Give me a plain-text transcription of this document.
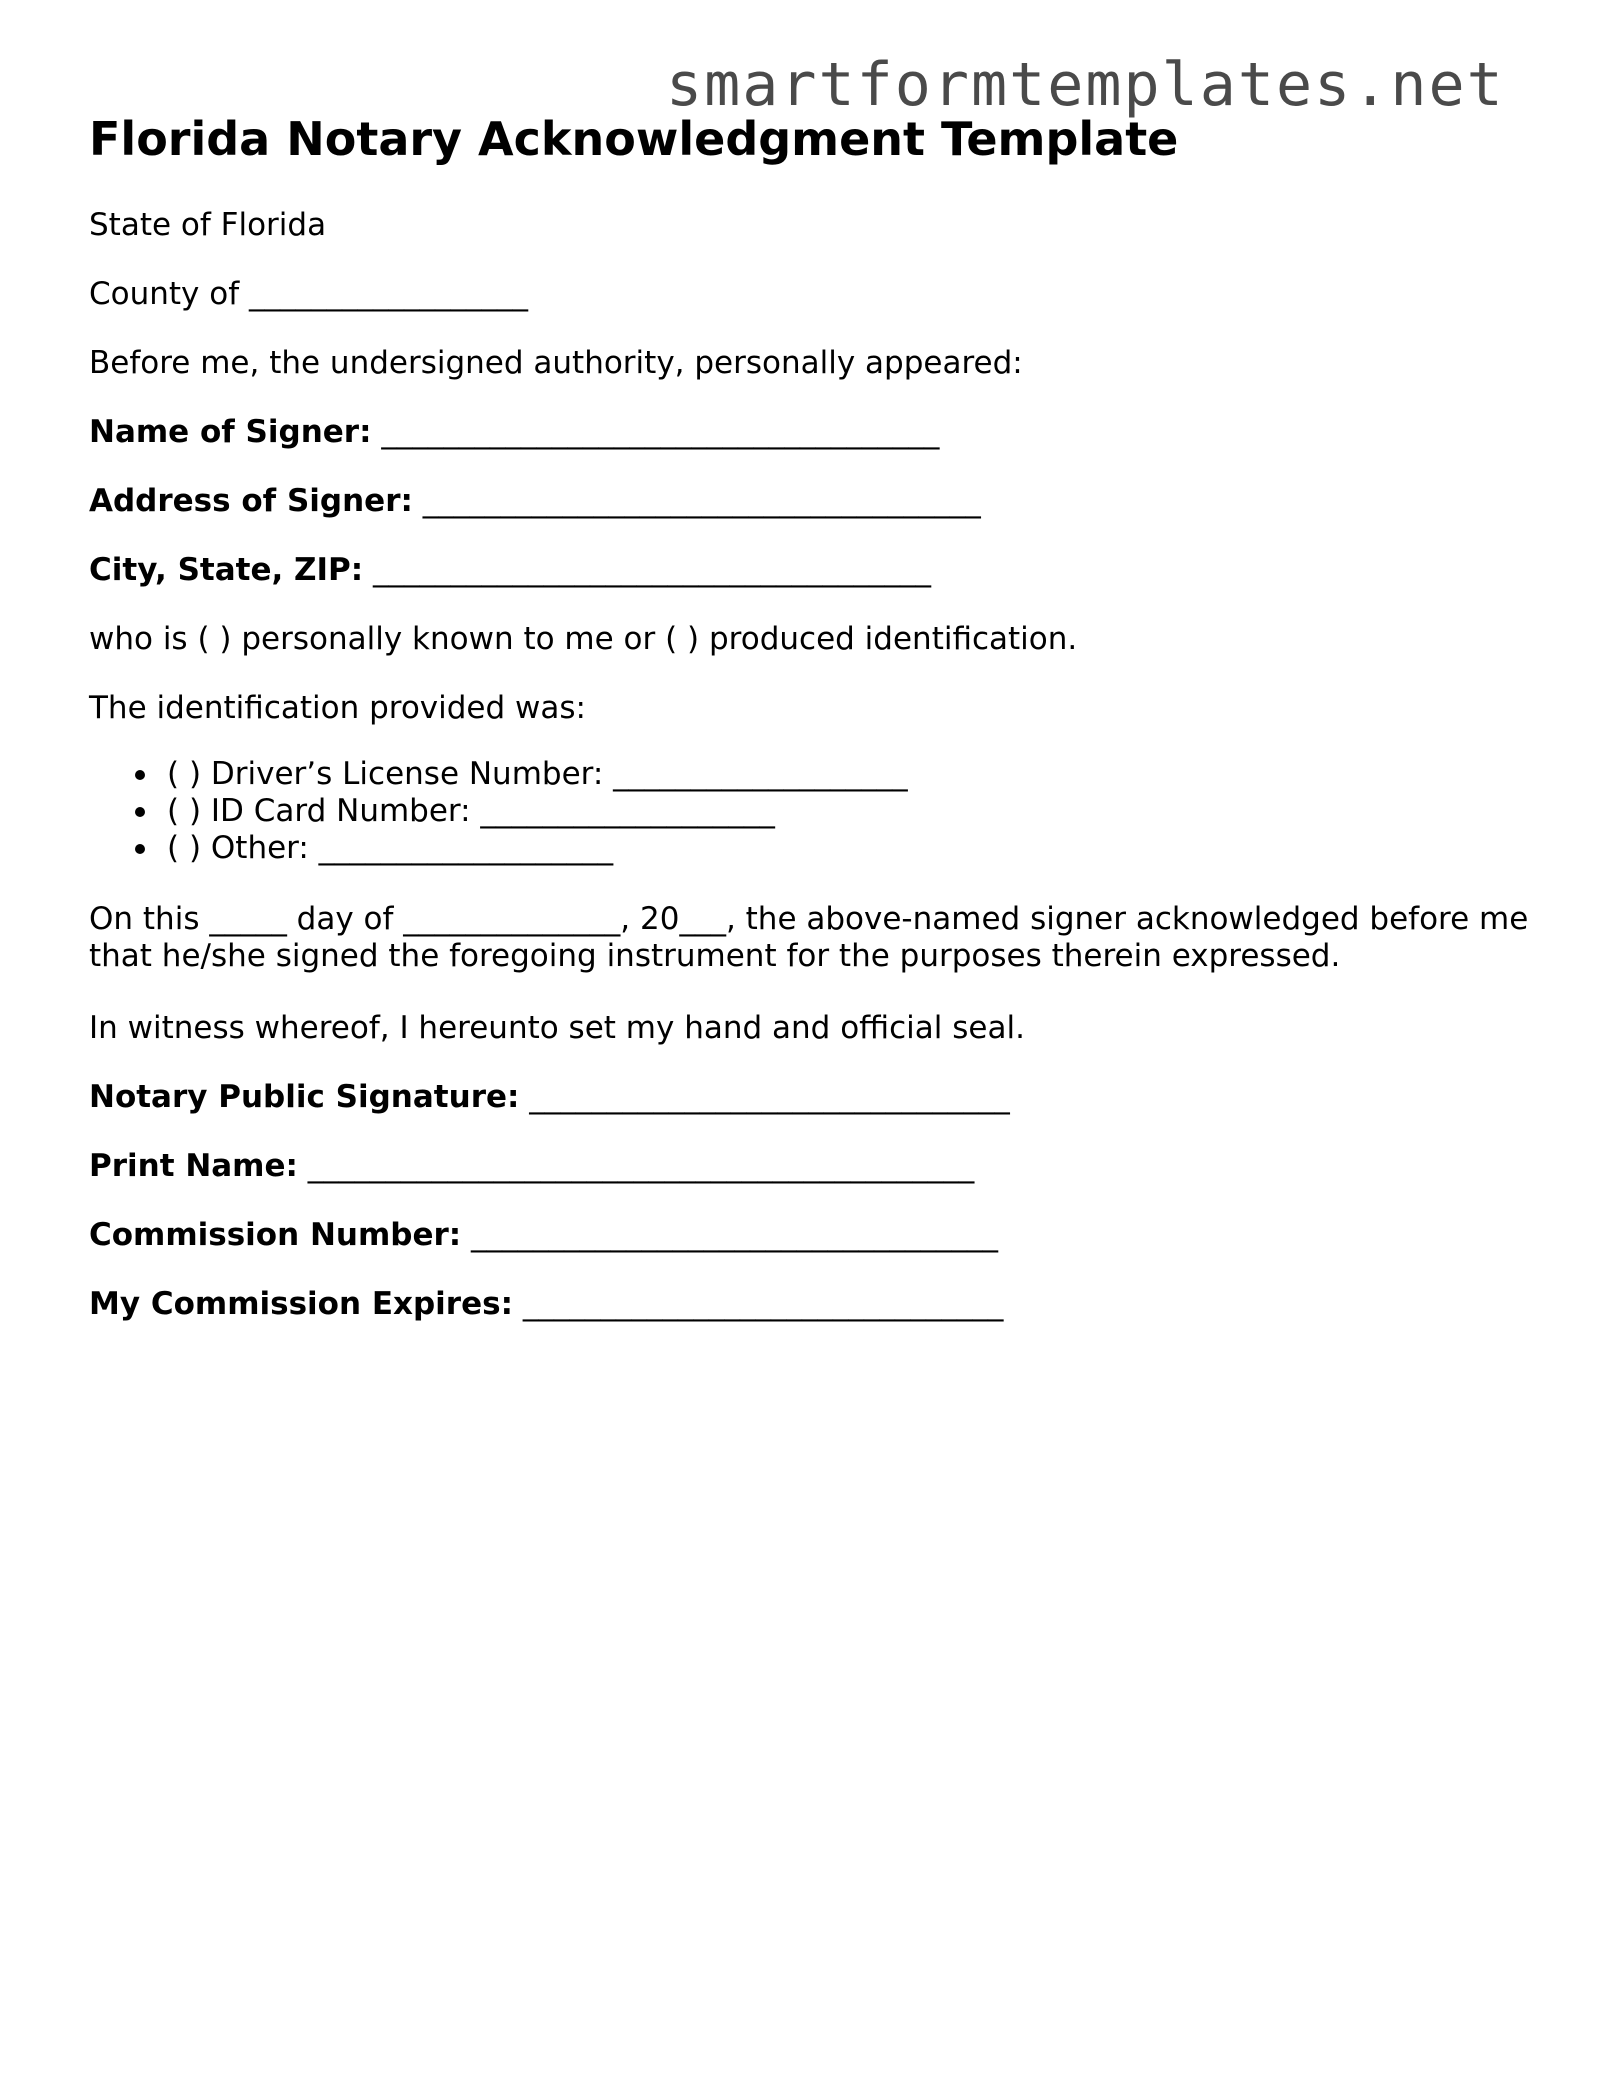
smartformtemplates.net
Florida Notary Acknowledgment Template

State of Florida

County of __________________

Before me, the undersigned authority, personally appeared:

Name of Signer: ____________________________________

Address of Signer: ____________________________________

City, State, ZIP: ____________________________________

who is ( ) personally known to me or ( ) produced identification.

The identification provided was:

( ) Driver’s License Number: ___________________
( ) ID Card Number: ___________________
( ) Other: ___________________

On this _____ day of ______________, 20___, the above-named signer acknowledged before me that he/she signed the foregoing instrument for the purposes therein expressed.

In witness whereof, I hereunto set my hand and official seal.

Notary Public Signature: _______________________________

Print Name: ___________________________________________

Commission Number: __________________________________

My Commission Expires: _______________________________
